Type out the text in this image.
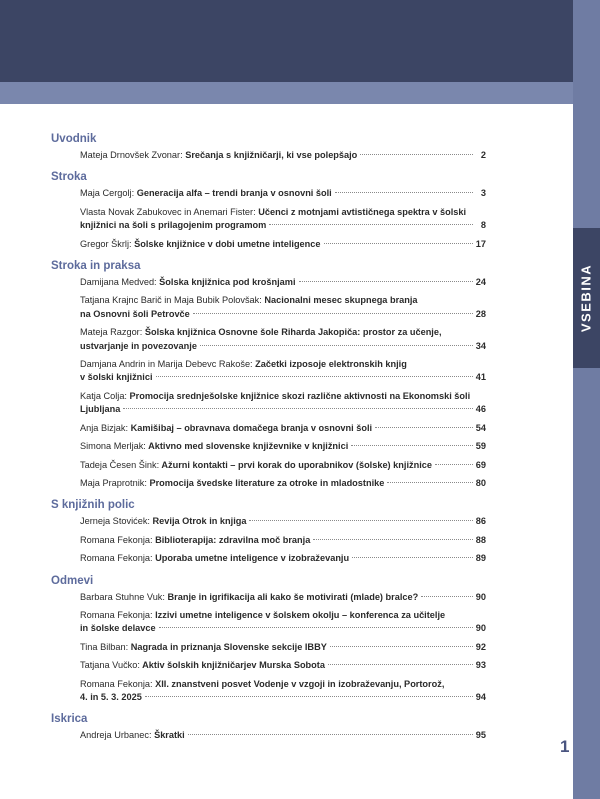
VSEBINA
Uvodnik
Mateja Drnovšek Zvonar: Srečanja s knjižničarji, ki vse polepšajo	2
Stroka
Maja Cergolj: Generacija alfa – trendi branja v osnovni šoli	3
Vlasta Novak Zabukovec in Anemari Fister: Učenci z motnjami avtističnega spektra v šolski
knjižnici na šoli s prilagojenim programom	8
Gregor Škrlj: Šolske knjižnice v dobi umetne inteligence	17
Stroka in praksa
Damijana Medved: Šolska knjižnica pod krošnjami	24
Tatjana Krajnc Barič in Maja Bubik Polovšak: Nacionalni mesec skupnega branja
na Osnovni šoli Petrovče	28
Mateja Razgor: Šolska knjižnica Osnovne šole Riharda Jakopiča: prostor za učenje,
ustvarjanje in povezovanje	34
Damjana Andrin in Marija Debevc Rakoše: Začetki izposoje elektronskih knjig
v šolski knjižnici	41
Katja Colja: Promocija srednješolske knjižnice skozi različne aktivnosti na Ekonomski šoli
Ljubljana	46
Anja Bizjak: Kamišibaj – obravnava domačega branja v osnovni šoli	54
Simona Merljak: Aktivno med slovenske književnike v knjižnici	59
Tadeja Česen Šink: Ažurni kontakti – prvi korak do uporabnikov (šolske) knjižnice	69
Maja Praprotnik: Promocija švedske literature za otroke in mladostnike	80
S knjižnih polic
Jerneja Stovićek: Revija Otrok in knjiga	86
Romana Fekonja: Biblioterapija: zdravilna moč branja	88
Romana Fekonja: Uporaba umetne inteligence v izobraževanju	89
Odmevi
Barbara Stuhne Vuk: Branje in igrifikacija ali kako še motivirati (mlade) bralce?	90
Romana Fekonja: Izzivi umetne inteligence v šolskem okolju – konferenca za učitelje
in šolske delavce	90
Tina Bilban: Nagrada in priznanja Slovenske sekcije IBBY	92
Tatjana Vučko: Aktiv šolskih knjižničarjev Murska Sobota	93
Romana Fekonja: XII. znanstveni posvet Vodenje v vzgoji in izobraževanju, Portorož,
4. in 5. 3. 2025	94
Iskrica
Andreja Urbanec: Škratki	95
1
